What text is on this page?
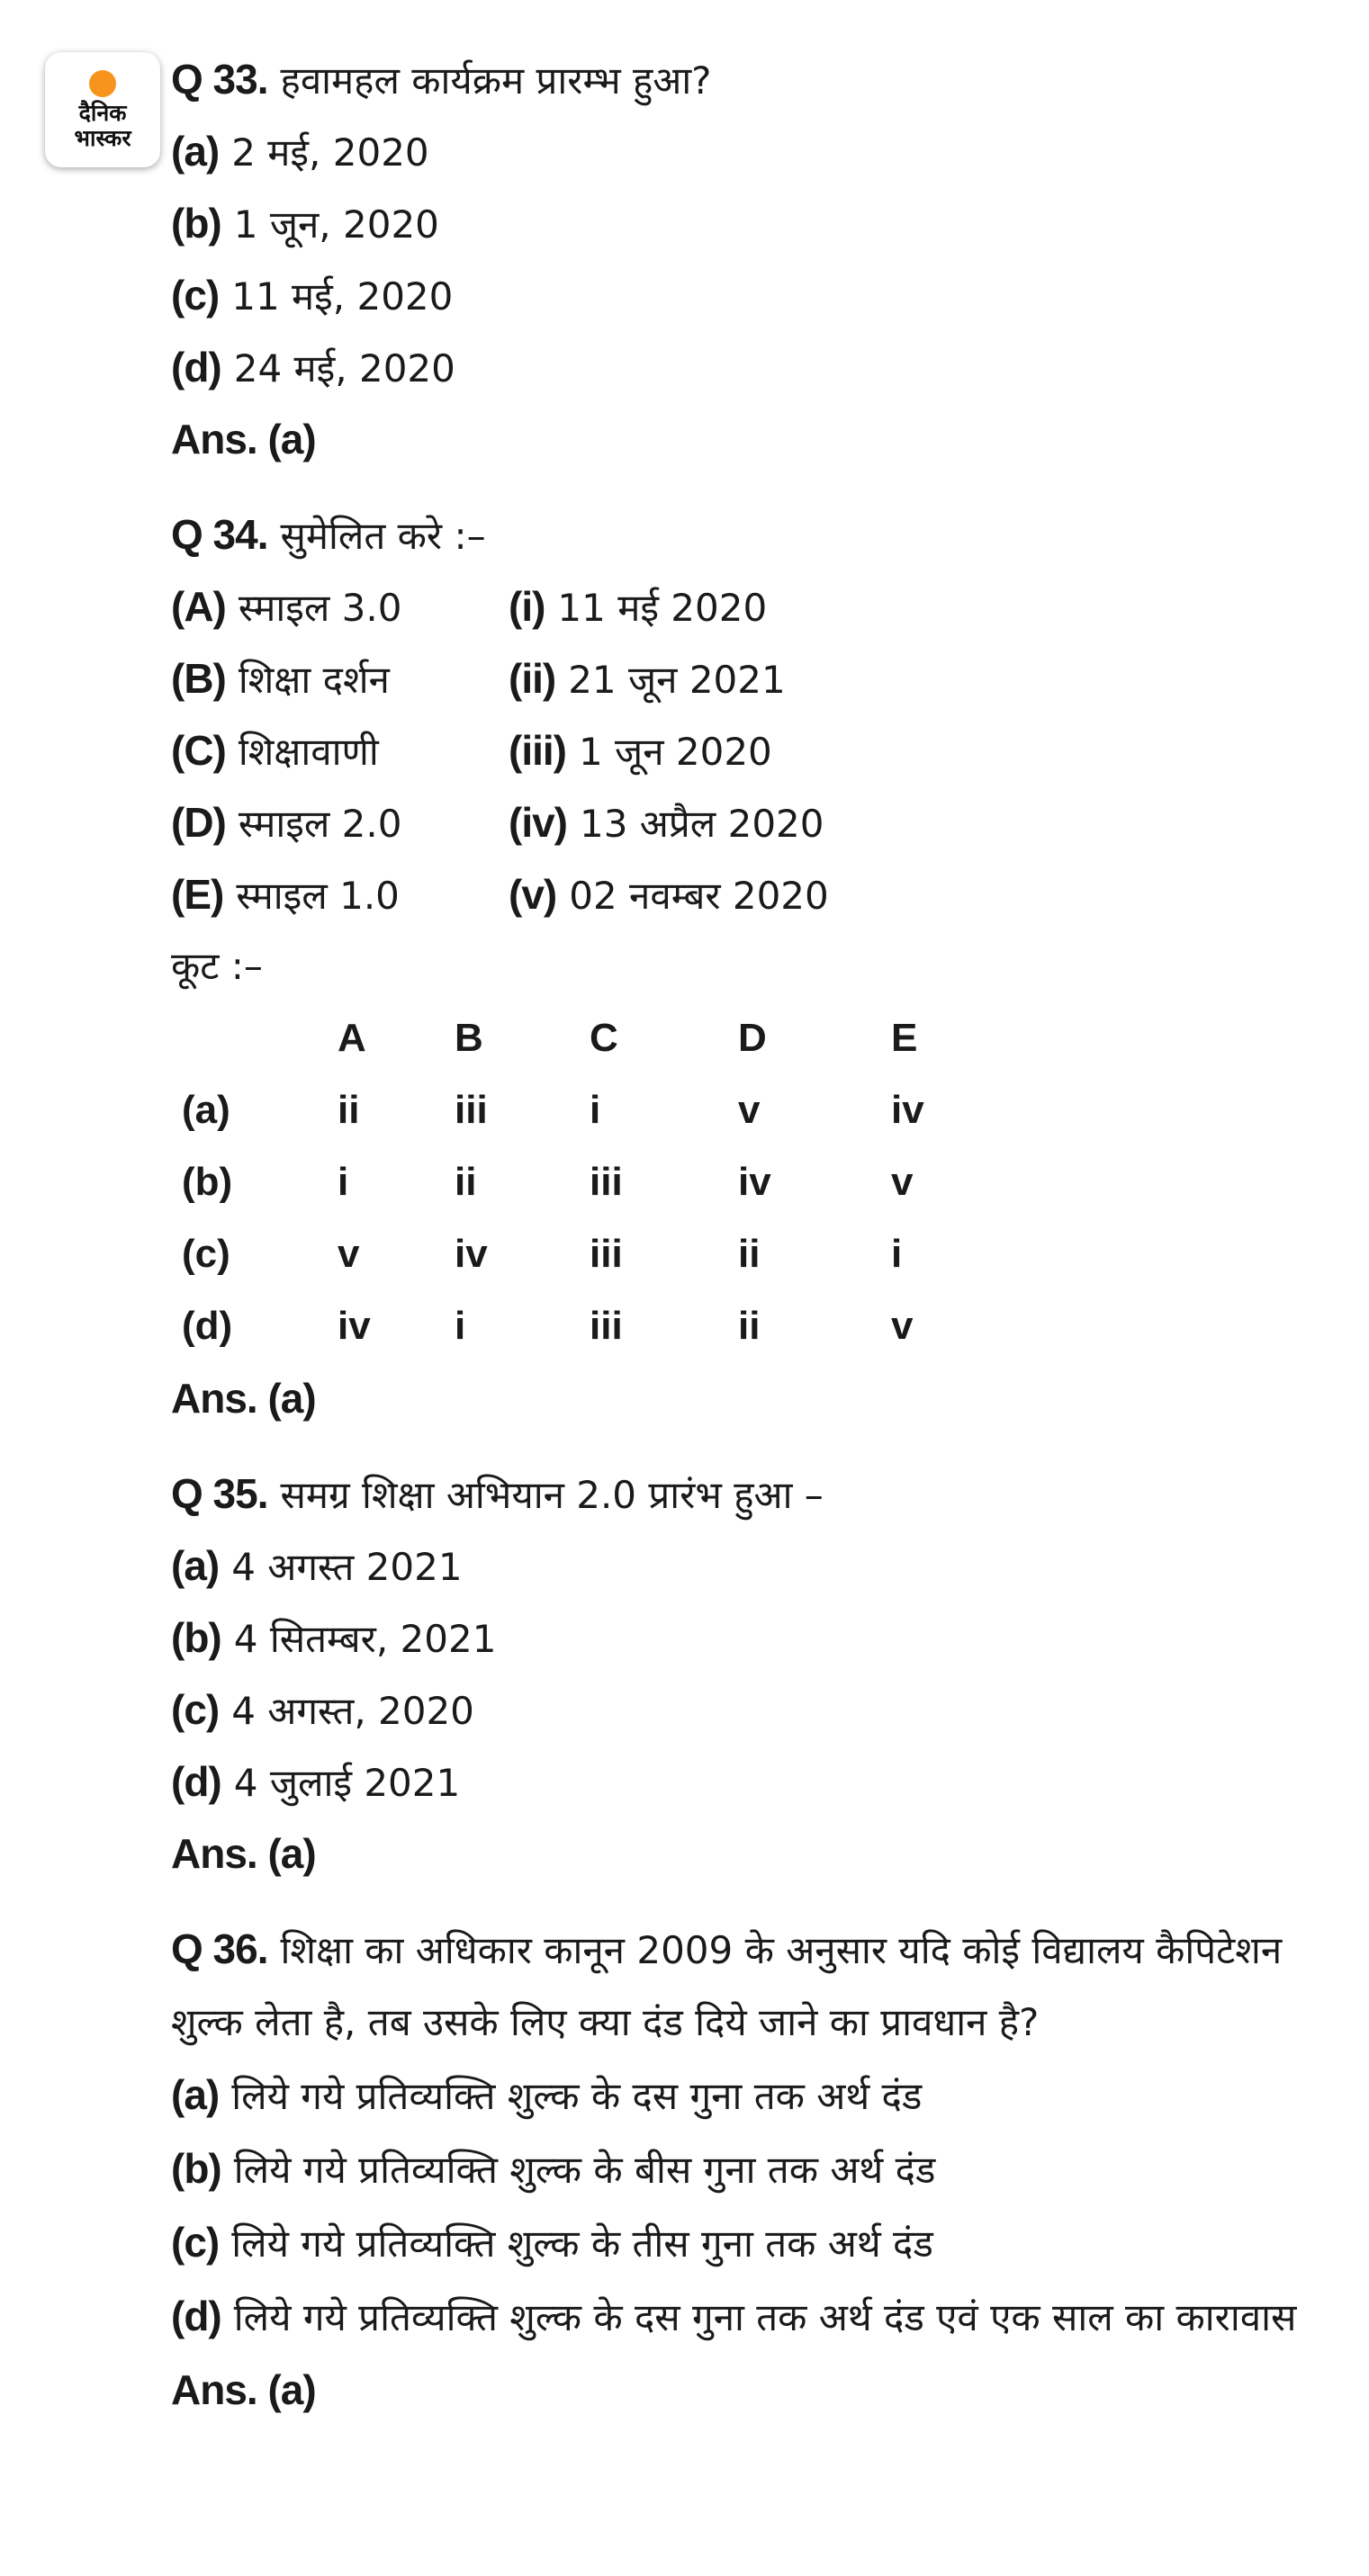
दैनिक
भास्कर
Q 33. हवामहल कार्यक्रम प्रारम्भ हुआ?
(a) 2 मई, 2020
(b) 1 जून, 2020
(c) 11 मई, 2020
(d) 24 मई, 2020
Ans. (a)
Q 34. सुमेलित करे :–
(A) स्माइल 3.0	(i) 11 मई 2020
(B) शिक्षा दर्शन	(ii) 21 जून 2021
(C) शिक्षावाणी	(iii) 1 जून 2020
(D) स्माइल 2.0	(iv) 13 अप्रैल 2020
(E) स्माइल 1.0	(v) 02 नवम्बर 2020
कूट :–
A B	C	D	E
(a)	ii iii	i	v	iv
(b)	i	ii	iii	iv	v
(c)	v iv	iii	ii	i
(d)	iv i	iii	ii	v
Ans. (a)
Q 35. समग्र शिक्षा अभियान 2.0 प्रारंभ हुआ –
(a) 4 अगस्त 2021
(b) 4 सितम्बर, 2021
(c) 4 अगस्त, 2020
(d) 4 जुलाई 2021
Ans. (a)
Q 36. शिक्षा का अधिकार कानून 2009 के अनुसार यदि कोई विद्यालय कैपिटेशन शुल्क लेता है, तब उसके लिए क्या दंड दिये जाने का प्रावधान है?
(a) लिये गये प्रतिव्यक्ति शुल्क के दस गुना तक अर्थ दंड
(b) लिये गये प्रतिव्यक्ति शुल्क के बीस गुना तक अर्थ दंड
(c) लिये गये प्रतिव्यक्ति शुल्क के तीस गुना तक अर्थ दंड
(d) लिये गये प्रतिव्यक्ति शुल्क के दस गुना तक अर्थ दंड एवं एक साल का कारावास
Ans. (a)
